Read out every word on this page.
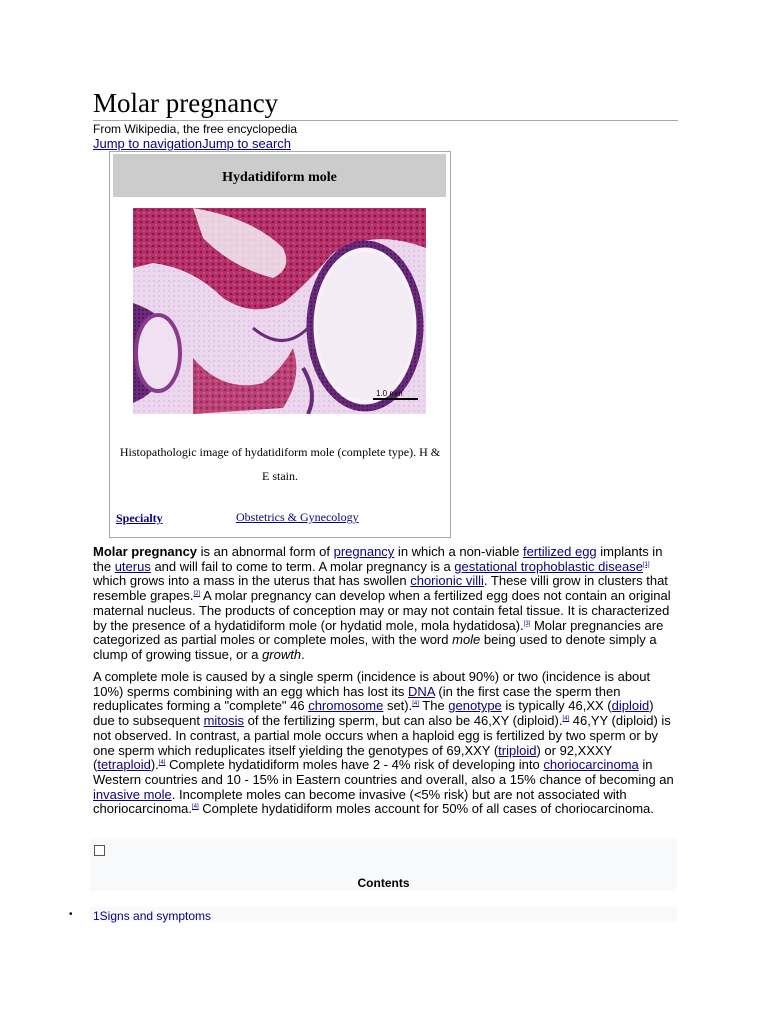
Molar pregnancy
From Wikipedia, the free encyclopedia
Jump to navigationJump to search
Hydatidiform mole
1.0 mm
Histopathologic image of hydatidiform mole (complete type). H & E stain.
Specialty	Obstetrics & Gynecology

Molar pregnancy is an abnormal form of pregnancy in which a non-viable fertilized egg implants in the uterus and will fail to come to term. A molar pregnancy is a gestational trophoblastic disease[1] which grows into a mass in the uterus that has swollen chorionic villi. These villi grow in clusters that resemble grapes.[2] A molar pregnancy can develop when a fertilized egg does not contain an original maternal nucleus. The products of conception may or may not contain fetal tissue. It is characterized by the presence of a hydatidiform mole (or hydatid mole, mola hydatidosa).[3] Molar pregnancies are categorized as partial moles or complete moles, with the word mole being used to denote simply a clump of growing tissue, or a growth.

A complete mole is caused by a single sperm (incidence is about 90%) or two (incidence is about 10%) sperms combining with an egg which has lost its DNA (in the first case the sperm then reduplicates forming a "complete" 46 chromosome set).[4] The genotype is typically 46,XX (diploid) due to subsequent mitosis of the fertilizing sperm, but can also be 46,XY (diploid).[4] 46,YY (diploid) is not observed. In contrast, a partial mole occurs when a haploid egg is fertilized by two sperm or by one sperm which reduplicates itself yielding the genotypes of 69,XXY (triploid) or 92,XXXY (tetraploid).[4] Complete hydatidiform moles have 2 - 4% risk of developing into choriocarcinoma in Western countries and 10 - 15% in Eastern countries and overall, also a 15% chance of becoming an invasive mole. Incomplete moles can become invasive (<5% risk) but are not associated with choriocarcinoma.[4] Complete hydatidiform moles account for 50% of all cases of choriocarcinoma.

Contents
• 1Signs and symptoms
